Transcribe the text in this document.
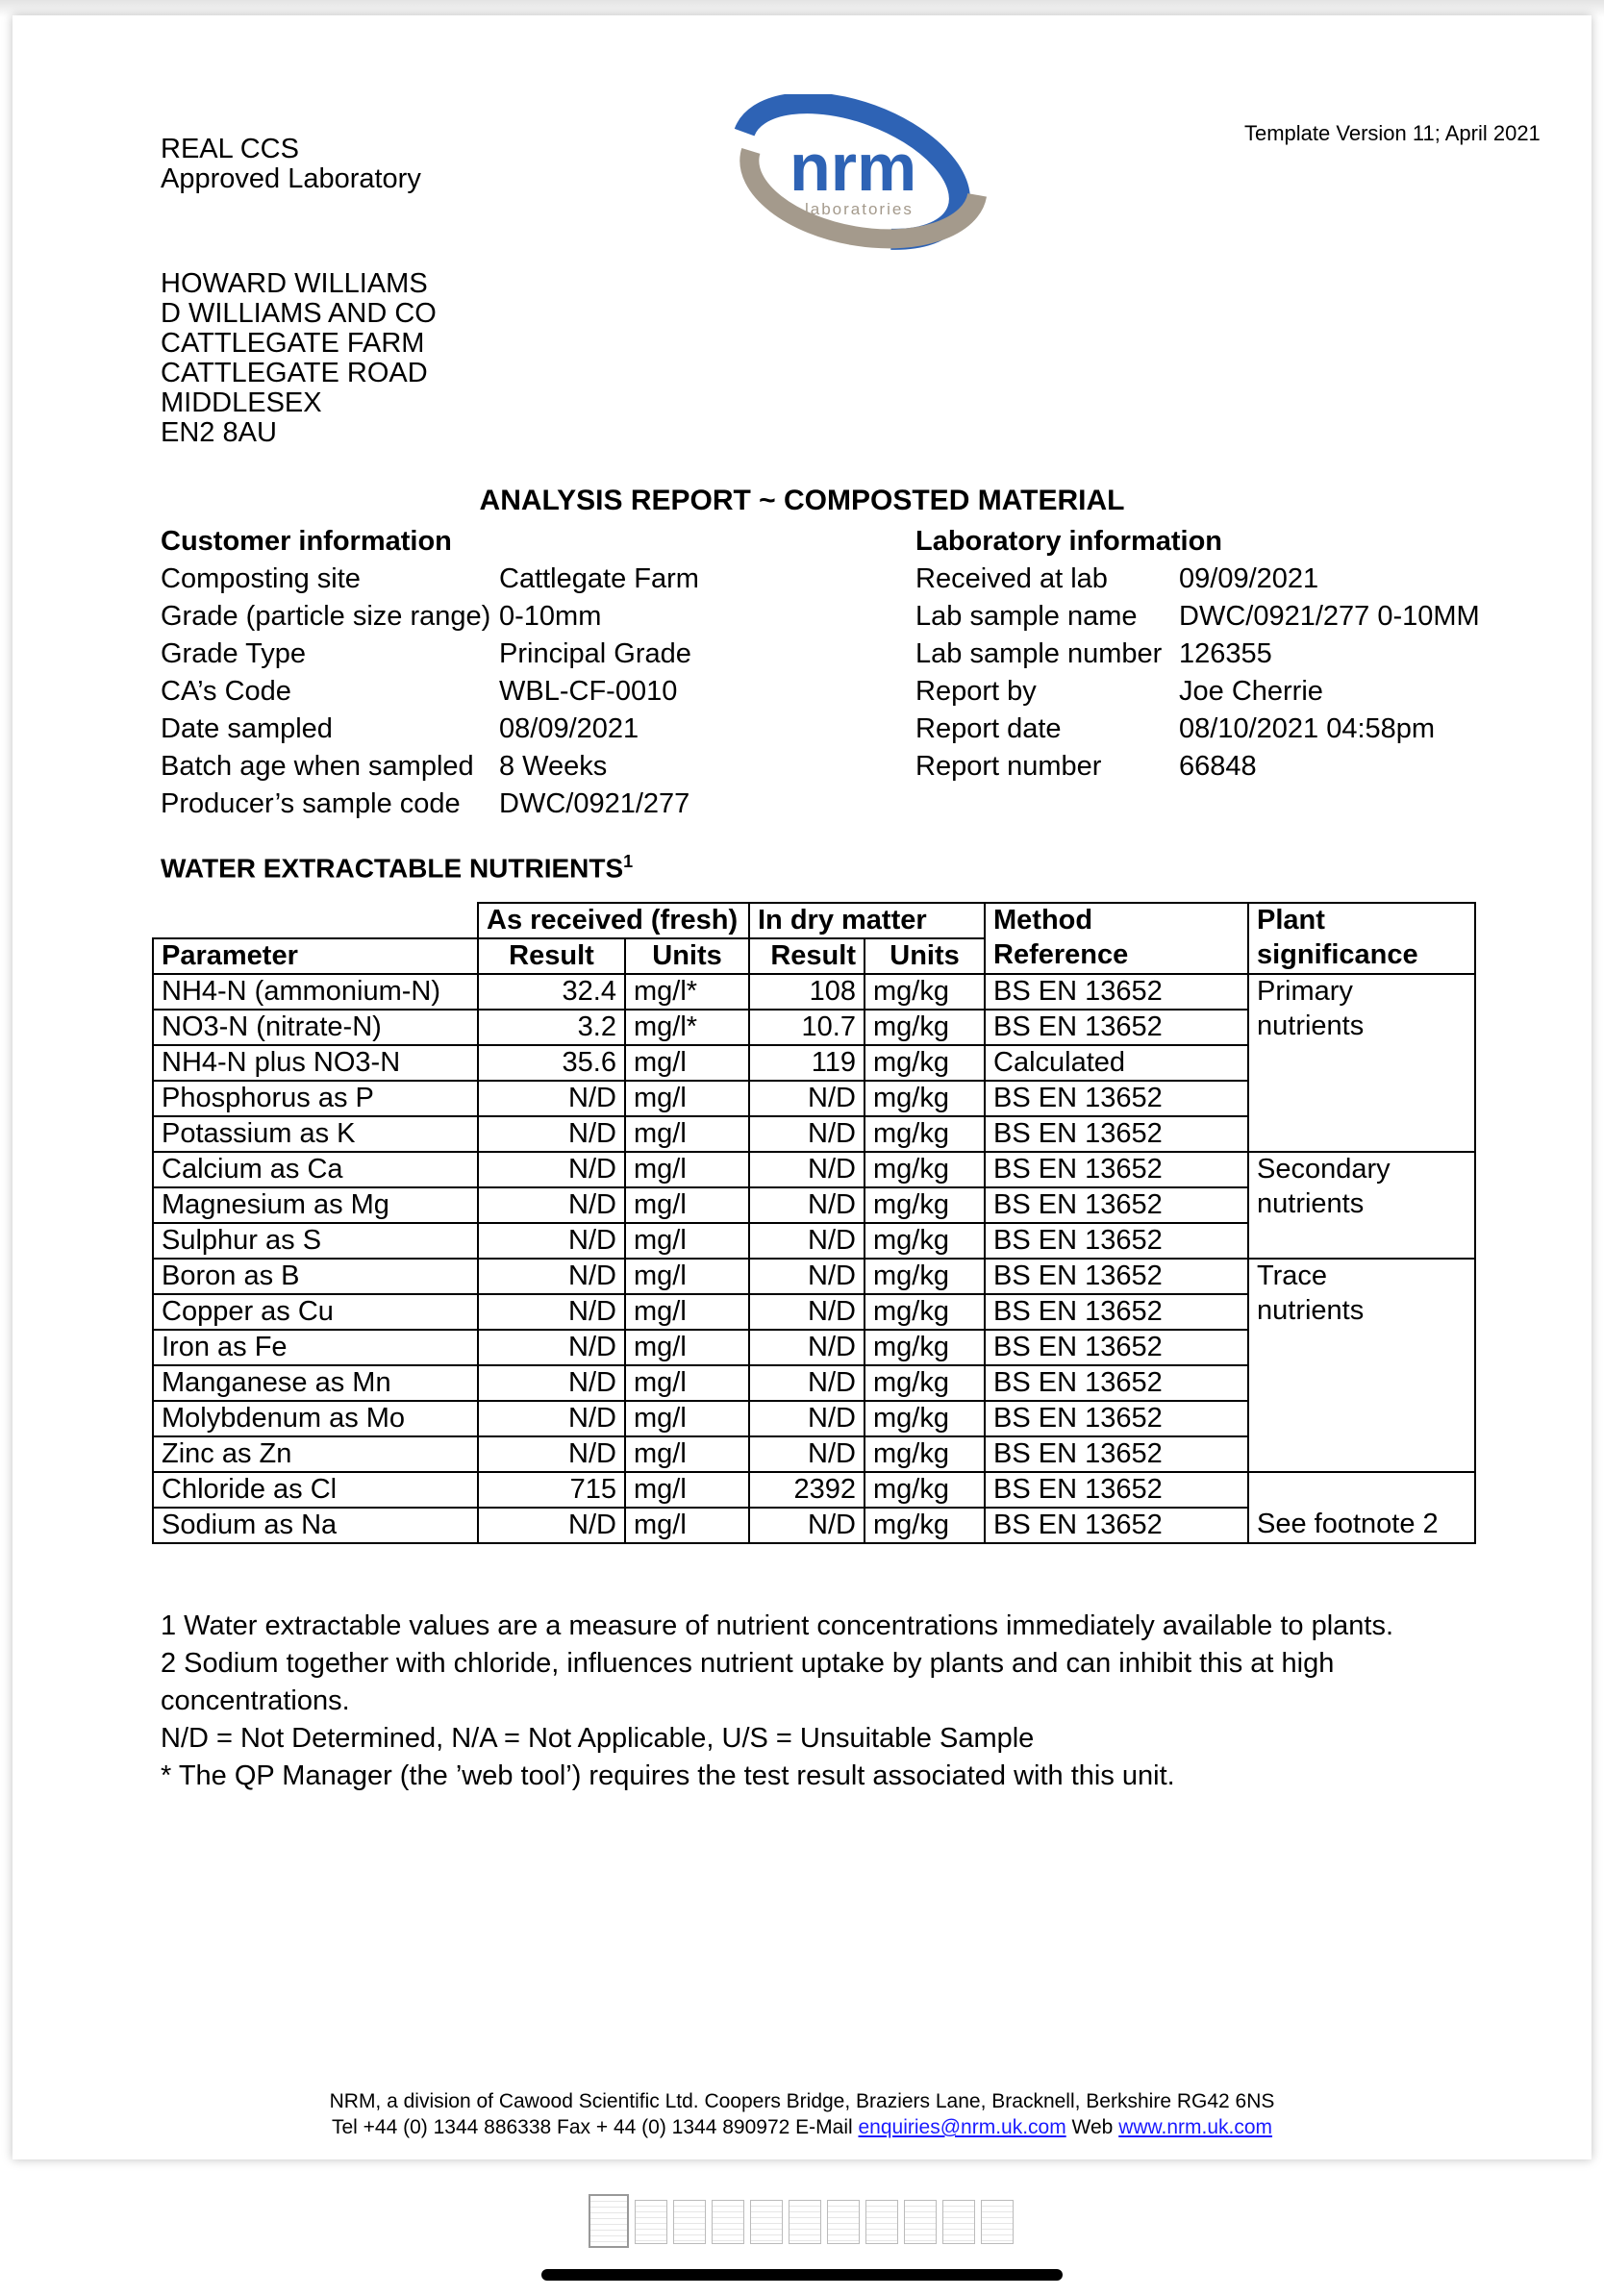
REAL CCS
Approved Laboratory
Template Version 11; April 2021
nrm
laboratories
HOWARD WILLIAMS
D WILLIAMS AND CO
CATTLEGATE FARM
CATTLEGATE ROAD
MIDDLESEX
EN2 8AU
ANALYSIS REPORT ~ COMPOSTED MATERIAL
Customer information
Composting site	Cattlegate Farm
Grade (particle size range) 0-10mm
Grade Type	Principal Grade
CA’s Code	WBL-CF-0010
Date sampled	08/09/2021
Batch age when sampled 8 Weeks
Producer’s sample code	DWC/0921/277
Laboratory information
Received at lab	09/09/2021
Lab sample name	DWC/0921/277 0-10MM
Lab sample number 126355
Report by	Joe Cherrie
Report date	08/10/2021 04:58pm
Report number	66848
WATER EXTRACTABLE NUTRIENTS$^1$
	As received (fresh)		In dry matter		Method	Plant
Parameter	Result	Units	Result	Units	Reference	significance
NH4-N (ammonium-N)	32.4	mg/l*	108	mg/kg	BS EN 13652	Primary
NO3-N (nitrate-N)	3.2	mg/l*	10.7	mg/kg	BS EN 13652	nutrients
NH4-N plus NO3-N	35.6	mg/l	119	mg/kg	Calculated	
Phosphorus as P	N/D	mg/l	N/D	mg/kg	BS EN 13652	
Potassium as K	N/D	mg/l	N/D	mg/kg	BS EN 13652	
Calcium as Ca	N/D	mg/l	N/D	mg/kg	BS EN 13652	Secondary
Magnesium as Mg	N/D	mg/l	N/D	mg/kg	BS EN 13652	nutrients
Sulphur as S	N/D	mg/l	N/D	mg/kg	BS EN 13652	
Boron as B	N/D	mg/l	N/D	mg/kg	BS EN 13652	Trace
Copper as Cu	N/D	mg/l	N/D	mg/kg	BS EN 13652	nutrients
Iron as Fe	N/D	mg/l	N/D	mg/kg	BS EN 13652	
Manganese as Mn	N/D	mg/l	N/D	mg/kg	BS EN 13652	
Molybdenum as Mo	N/D	mg/l	N/D	mg/kg	BS EN 13652	
Zinc as Zn	N/D	mg/l	N/D	mg/kg	BS EN 13652	
Chloride as Cl	715	mg/l	2392	mg/kg	BS EN 13652	
Sodium as Na	N/D	mg/l	N/D	mg/kg	BS EN 13652	See footnote 2
1 Water extractable values are a measure of nutrient concentrations immediately available to plants.
2 Sodium together with chloride, influences nutrient uptake by plants and can inhibit this at high
concentrations.
N/D = Not Determined, N/A = Not Applicable, U/S = Unsuitable Sample
* The QP Manager (the ’web tool’) requires the test result associated with this unit.
NRM, a division of Cawood Scientific Ltd. Coopers Bridge, Braziers Lane, Bracknell, Berkshire RG42 6NS
Tel +44 (0) 1344 886338 Fax + 44 (0) 1344 890972 E-Mail enquiries@nrm.uk.com Web www.nrm.uk.com
